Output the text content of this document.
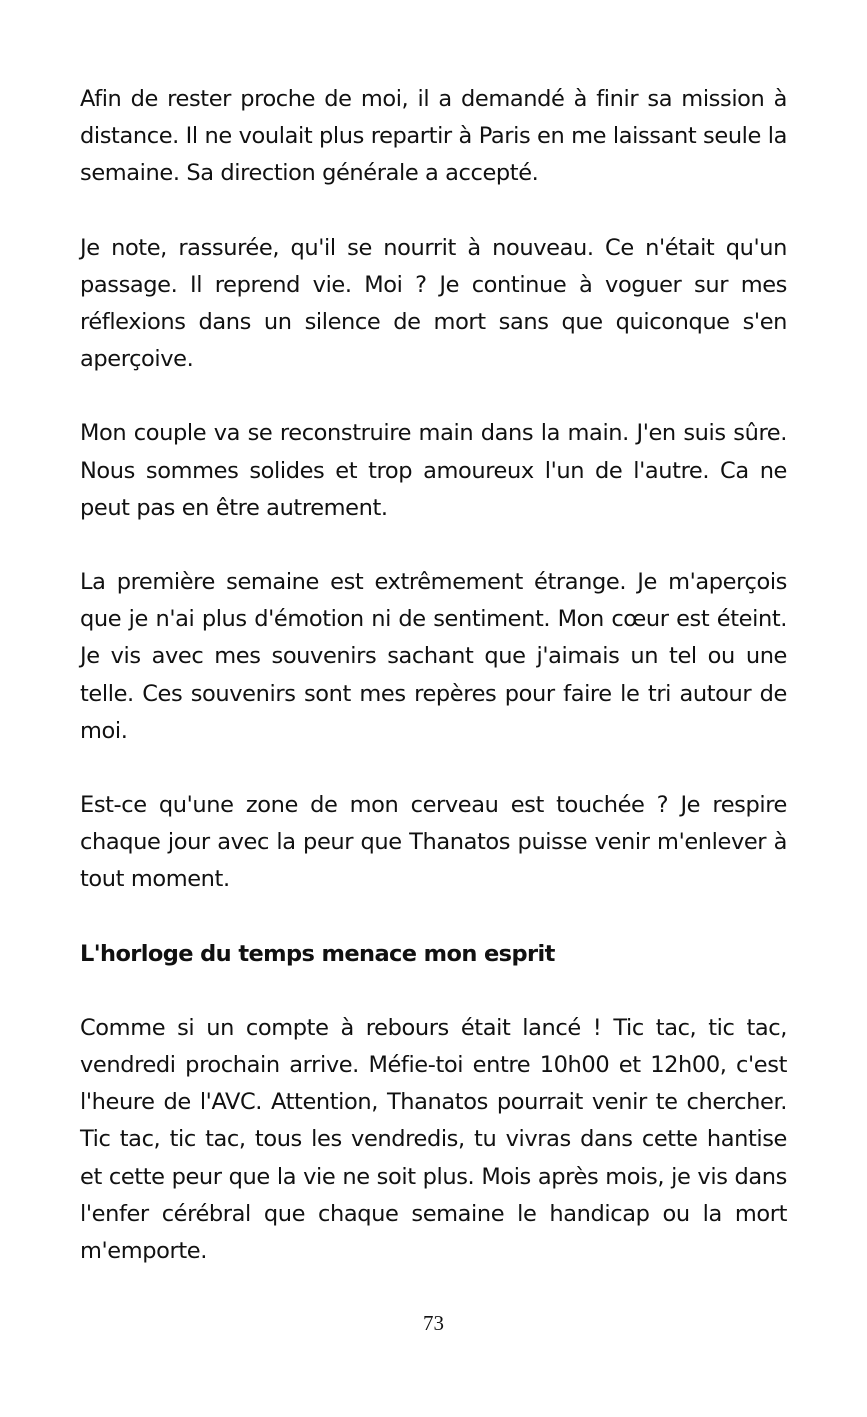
Afin de rester proche de moi, il a demandé à finir sa mission à distance. Il ne voulait plus repartir à Paris en me laissant seule la semaine. Sa direction générale a accepté.

Je note, rassurée, qu'il se nourrit à nouveau. Ce n'était qu'un passage. Il reprend vie. Moi ? Je continue à voguer sur mes réflexions dans un silence de mort sans que quiconque s'en aperçoive.

Mon couple va se reconstruire main dans la main. J'en suis sûre. Nous sommes solides et trop amoureux l'un de l'autre. Ca ne peut pas en être autrement.

La première semaine est extrêmement étrange. Je m'aperçois que je n'ai plus d'émotion ni de sentiment. Mon cœur est éteint. Je vis avec mes souvenirs sachant que j'aimais un tel ou une telle. Ces souvenirs sont mes repères pour faire le tri autour de moi.

Est-ce qu'une zone de mon cerveau est touchée ? Je respire chaque jour avec la peur que Thanatos puisse venir m'enlever à tout moment.

L'horloge du temps menace mon esprit

Comme si un compte à rebours était lancé ! Tic tac, tic tac, vendredi prochain arrive. Méfie-toi entre 10h00 et 12h00, c'est l'heure de l'AVC. Attention, Thanatos pourrait venir te chercher. Tic tac, tic tac, tous les vendredis, tu vivras dans cette hantise et cette peur que la vie ne soit plus. Mois après mois, je vis dans l'enfer cérébral que chaque semaine le handicap ou la mort m'emporte.

73
